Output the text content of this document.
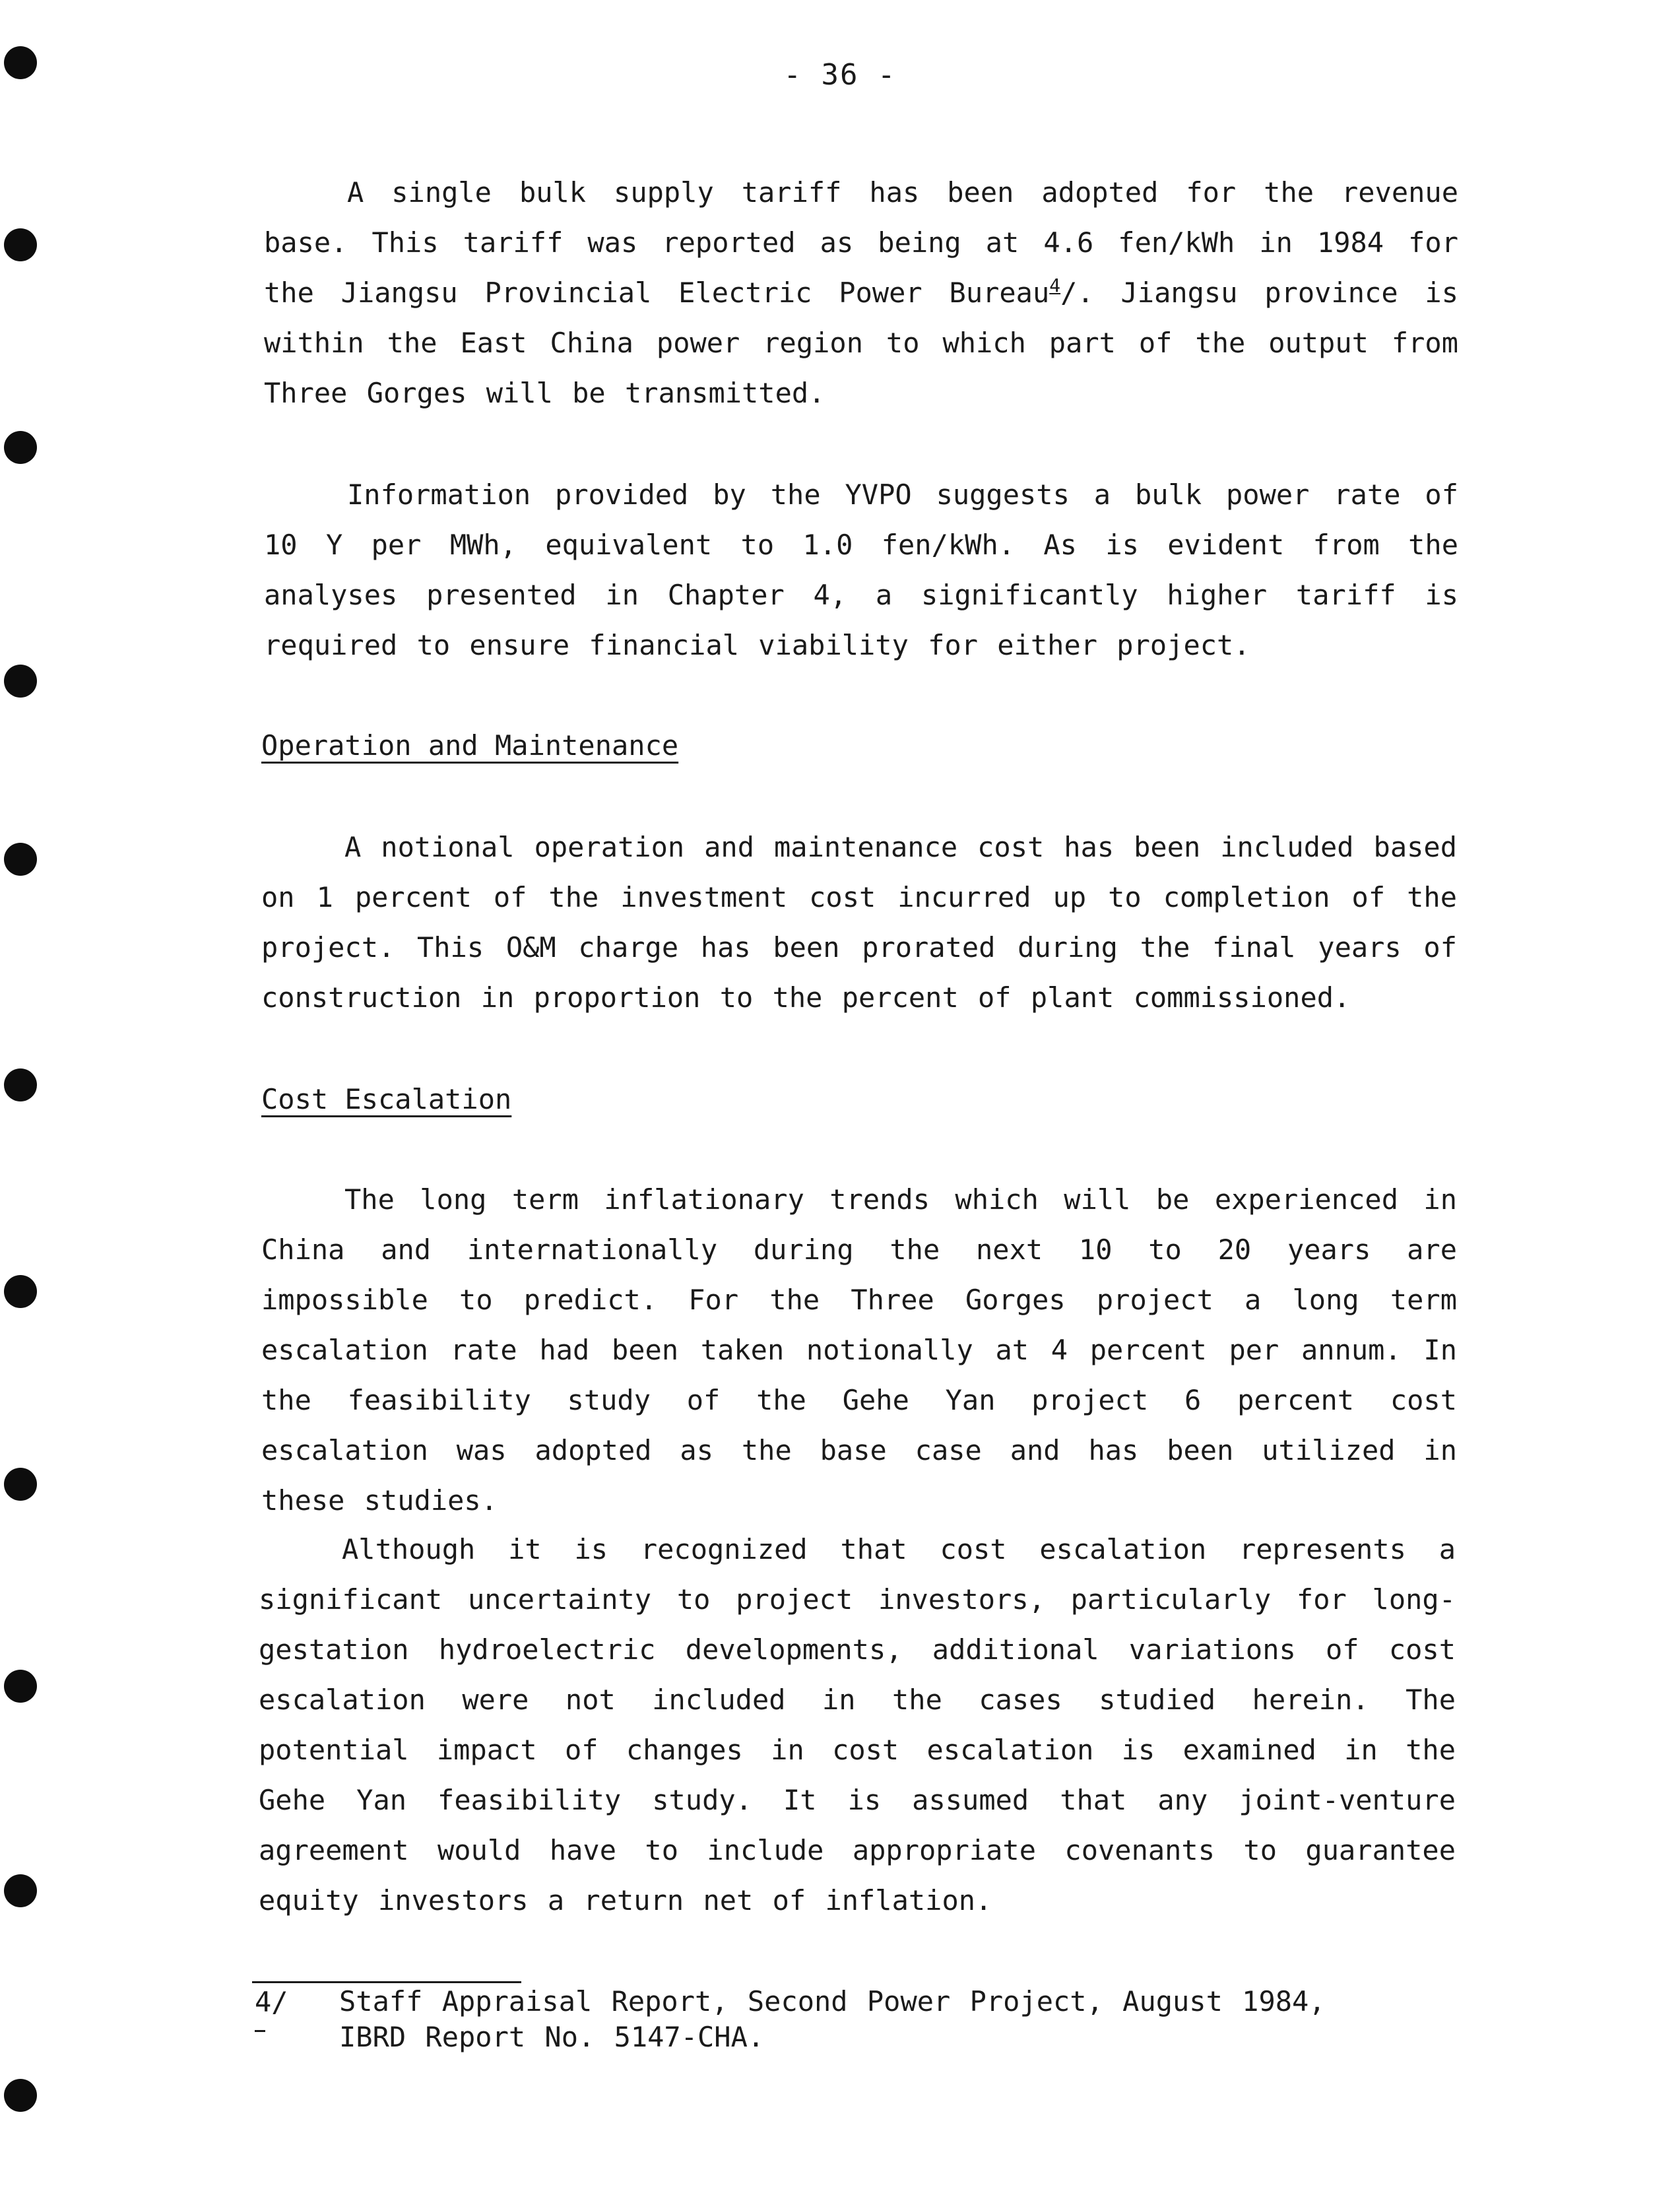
- 36 -

A single bulk supply tariff has been adopted for the revenue base. This tariff was reported as being at 4.6 fen/kWh in 1984 for the Jiangsu Provincial Electric Power Bureau$^4$/. Jiangsu province is within the East China power region to which part of the output from Three Gorges will be transmitted.

Information provided by the YVPO suggests a bulk power rate of 10 Y per MWh, equivalent to 1.0 fen/kWh. As is evident from the analyses presented in Chapter 4, a significantly higher tariff is required to ensure financial viability for either project.

Operation and Maintenance

A notional operation and maintenance cost has been included based on 1 percent of the investment cost incurred up to completion of the project. This O&M charge has been prorated during the final years of construction in proportion to the percent of plant commissioned.

Cost Escalation

The long term inflationary trends which will be experienced in China and internationally during the next 10 to 20 years are impossible to predict. For the Three Gorges project a long term escalation rate had been taken notionally at 4 percent per annum. In the feasibility study of the Gehe Yan project 6 percent cost escalation was adopted as the base case and has been utilized in these studies.

Although it is recognized that cost escalation represents a significant uncertainty to project investors, particularly for long-gestation hydroelectric developments, additional variations of cost escalation were not included in the cases studied herein. The potential impact of changes in cost escalation is examined in the Gehe Yan feasibility study. It is assumed that any joint-venture agreement would have to include appropriate covenants to guarantee equity investors a return net of inflation.

4/ Staff Appraisal Report, Second Power Project, August 1984,
IBRD Report No. 5147-CHA.
